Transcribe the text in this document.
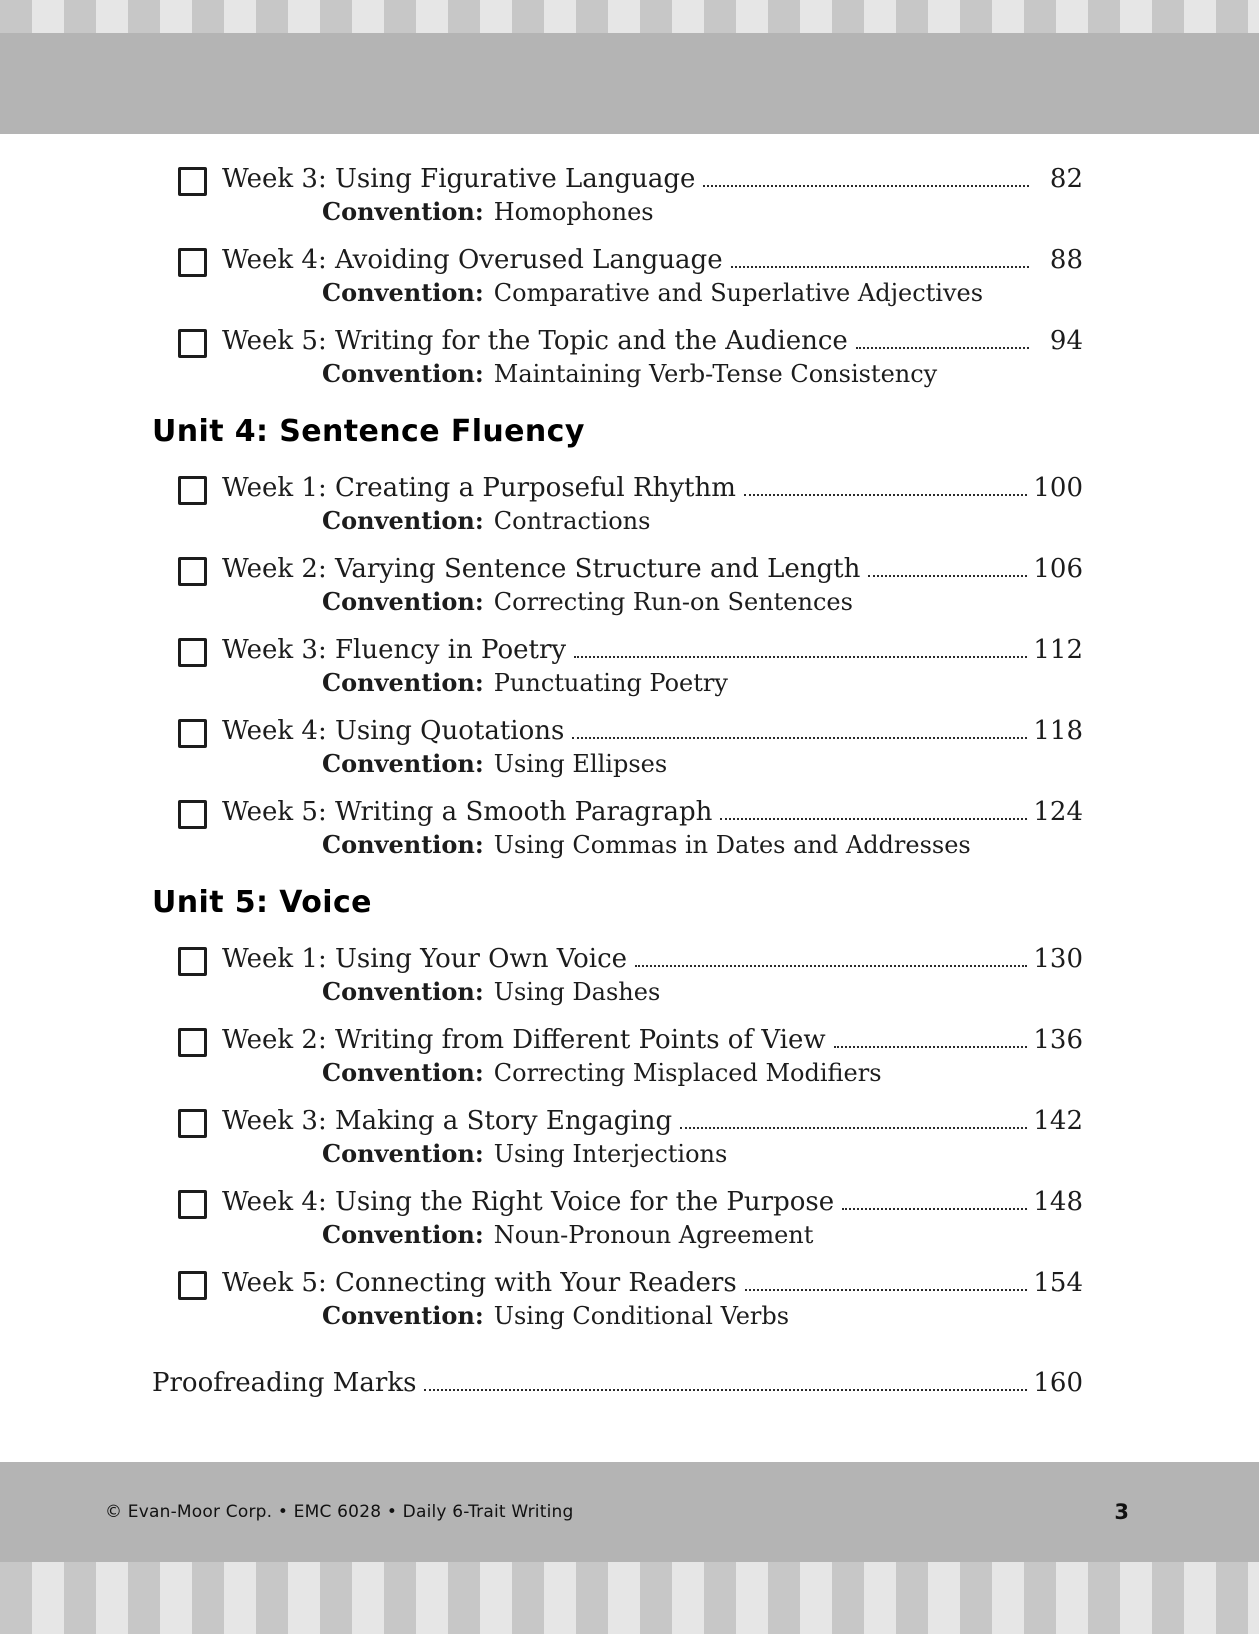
Week 3: Using Figurative Language	82
Convention: Homophones
Week 4: Avoiding Overused Language	88
Convention: Comparative and Superlative Adjectives
Week 5: Writing for the Topic and the Audience	94
Convention: Maintaining Verb-Tense Consistency
Unit 4: Sentence Fluency
Week 1: Creating a Purposeful Rhythm	100
Convention: Contractions
Week 2: Varying Sentence Structure and Length	106
Convention: Correcting Run-on Sentences
Week 3: Fluency in Poetry	112
Convention: Punctuating Poetry
Week 4: Using Quotations	118
Convention: Using Ellipses
Week 5: Writing a Smooth Paragraph	124
Convention: Using Commas in Dates and Addresses
Unit 5: Voice
Week 1: Using Your Own Voice	130
Convention: Using Dashes
Week 2: Writing from Different Points of View	136
Convention: Correcting Misplaced Modifiers
Week 3: Making a Story Engaging	142
Convention: Using Interjections
Week 4: Using the Right Voice for the Purpose	148
Convention: Noun-Pronoun Agreement
Week 5: Connecting with Your Readers	154
Convention: Using Conditional Verbs
Proofreading Marks	160
© Evan-Moor Corp. • EMC 6028 • Daily 6-Trait Writing	3
